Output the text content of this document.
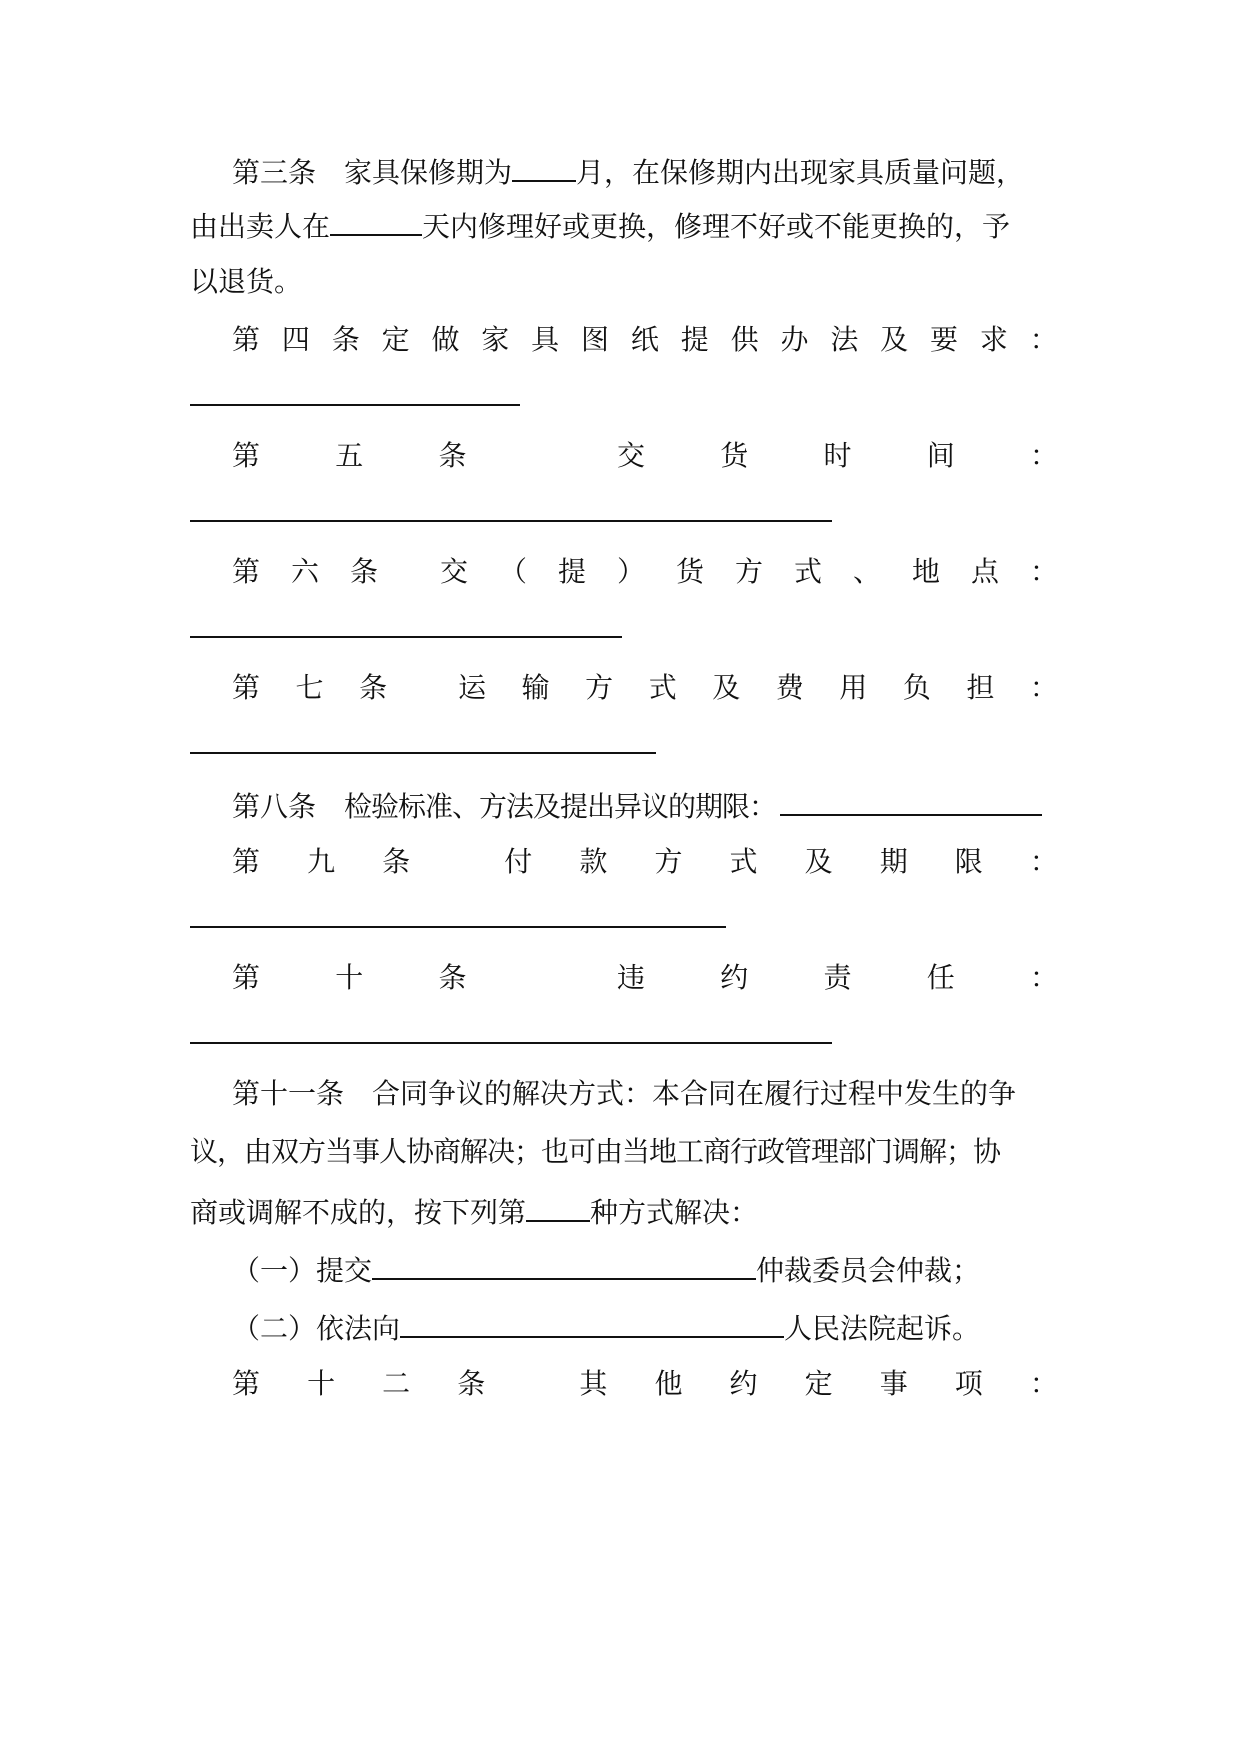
第三条 家具保修期为 月，在保修期内出现家具质量问题，
由出卖人在	天内修理好或更换，修理不好或不能更换的，予
以退货。
第 四 条 定 做 家 具 图 纸 提 供 办 法 及 要 求 ：
第	五	条	交	货	时	间	：
第 六 条 交 （ 提 ） 货 方 式 、 地 点 ：
第 七 条	运 输 方 式 及 费 用 负 担 ：
第八条 检验标准、方法及提出异议的期限：
第 九 条	付 款 方 式 及 期 限 ：
第	十	条	违	约	责	任	：
第十一条 合同争议的解决方式：本合同在履行过程中发生的争
议，由双方当事人协商解决；也可由当地工商行政管理部门调解；协
商或调解不成的，按下列第 种方式解决：
（一）提交	仲裁委员会仲裁；
（二）依法向	人民法院起诉。
第 十 二 条	其 他 约 定 事 项 ：
